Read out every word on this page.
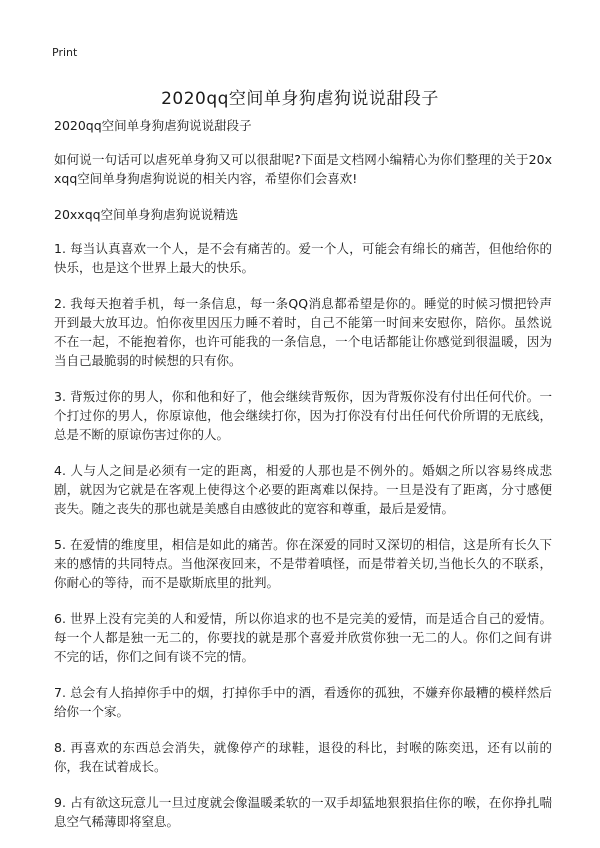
Print
2020qq空间单身狗虐狗说说甜段子

2020qq空间单身狗虐狗说说甜段子

如何说一句话可以虐死单身狗又可以很甜呢?下面是文档网小编精心为你们整理的关于20xxqq空间单身狗虐狗说说的相关内容，希望你们会喜欢!

20xxqq空间单身狗虐狗说说精选

1. 每当认真喜欢一个人，是不会有痛苦的。爱一个人，可能会有绵长的痛苦，但他给你的快乐，也是这个世界上最大的快乐。

2. 我每天抱着手机，每一条信息，每一条QQ消息都希望是你的。睡觉的时候习惯把铃声开到最大放耳边。怕你夜里因压力睡不着时，自己不能第一时间来安慰你，陪你。虽然说不在一起，不能抱着你，也许可能我的一条信息，一个电话都能让你感觉到很温暖，因为当自己最脆弱的时候想的只有你。

3. 背叛过你的男人，你和他和好了，他会继续背叛你，因为背叛你没有付出任何代价。一个打过你的男人，你原谅他，他会继续打你，因为打你没有付出任何代价所谓的无底线，总是不断的原谅伤害过你的人。

4. 人与人之间是必须有一定的距离，相爱的人那也是不例外的。婚姻之所以容易终成悲剧，就因为它就是在客观上使得这个必要的距离难以保持。一旦是没有了距离，分寸感便丧失。随之丧失的那也就是美感自由感彼此的宽容和尊重，最后是爱情。

5. 在爱情的维度里，相信是如此的痛苦。你在深爱的同时又深切的相信，这是所有长久下来的感情的共同特点。当他深夜回来，不是带着嗔怪，而是带着关切,当他长久的不联系，你耐心的等待，而不是歇斯底里的批判。

6. 世界上没有完美的人和爱情，所以你追求的也不是完美的爱情，而是适合自己的爱情。每一个人都是独一无二的，你要找的就是那个喜爱并欣赏你独一无二的人。你们之间有讲不完的话，你们之间有谈不完的情。

7. 总会有人掐掉你手中的烟，打掉你手中的酒，看透你的孤独，不嫌弃你最糟的模样然后给你一个家。

8. 再喜欢的东西总会消失，就像停产的球鞋，退役的科比，封喉的陈奕迅，还有以前的你，我在试着成长。

9. 占有欲这玩意儿一旦过度就会像温暖柔软的一双手却猛地狠狠掐住你的喉，在你挣扎喘息空气稀薄即将窒息。
